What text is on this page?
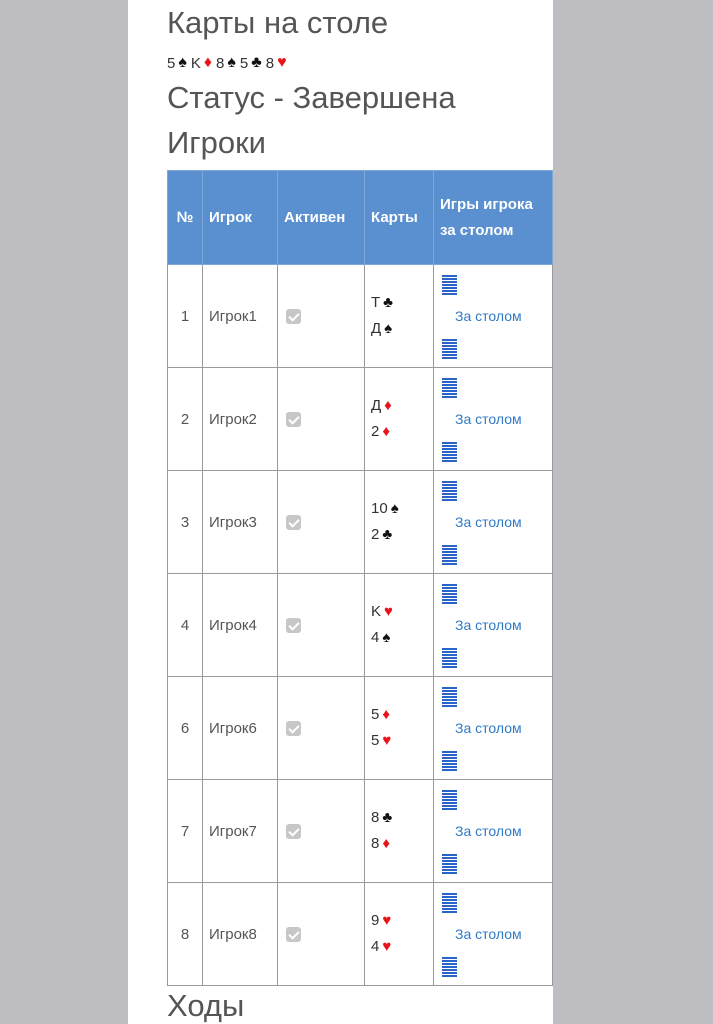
Карты на столе
5 ♠ K ♦ 8 ♠ 5 ♣ 8 ♥
Статус - Завершена
Игроки
№	Игрок	Активен	Карты	Игры игрока за столом
1	Игрок1		Т ♣
Д ♠	За столом

2	Игрок2		Д ♦
2 ♦	За столом

3	Игрок3		10 ♠
2 ♣	За столом

4	Игрок4		K ♥
4 ♠	За столом

6	Игрок6		5 ♦
5 ♥	За столом

7	Игрок7		8 ♣
8 ♦	За столом

8	Игрок8		9 ♥
4 ♥	За столом
Ходы
